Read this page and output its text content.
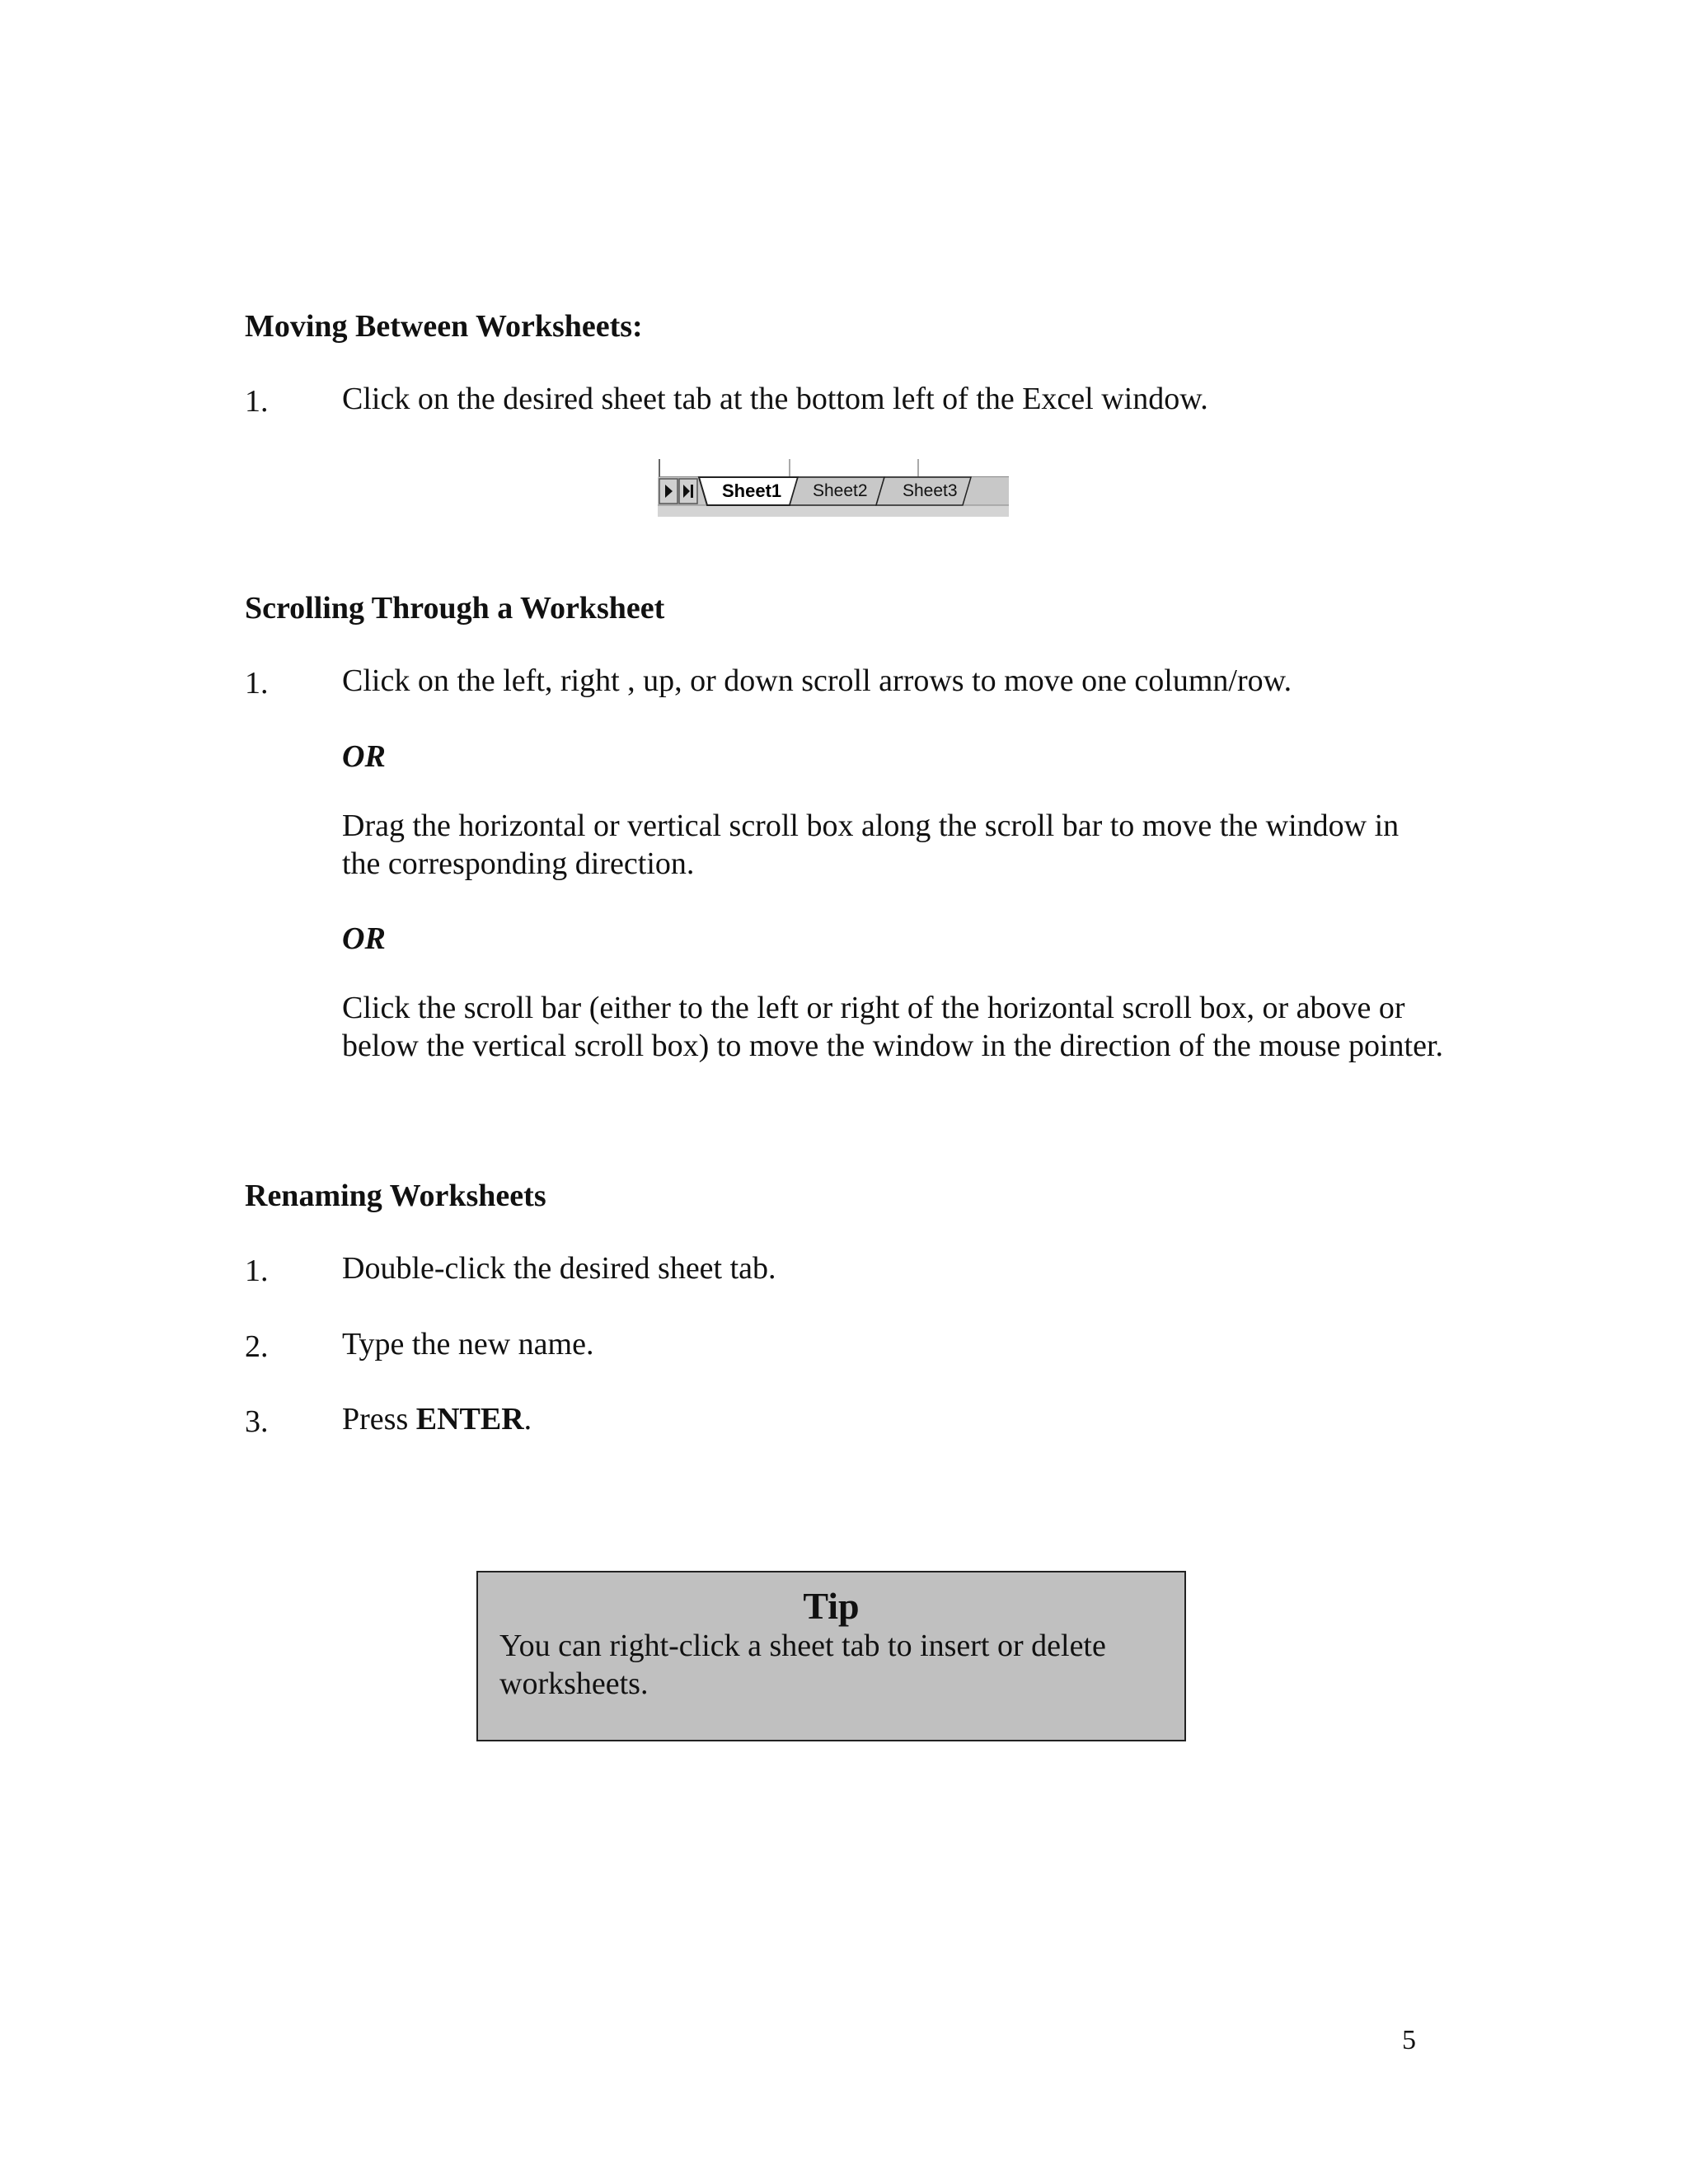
Moving Between Worksheets:
1. Click on the desired sheet tab at the bottom left of the Excel window.
Sheet1 Sheet2 Sheet3
Scrolling Through a Worksheet
1. Click on the left, right , up, or down scroll arrows to move one column/row.
OR
Drag the horizontal or vertical scroll box along the scroll bar to move the window in the corresponding direction.
OR
Click the scroll bar (either to the left or right of the horizontal scroll box, or above or below the vertical scroll box) to move the window in the direction of the mouse pointer.
Renaming Worksheets
1. Double-click the desired sheet tab.
2. Type the new name.
3. Press ENTER.
Tip
You can right-click a sheet tab to insert or delete worksheets.
5
